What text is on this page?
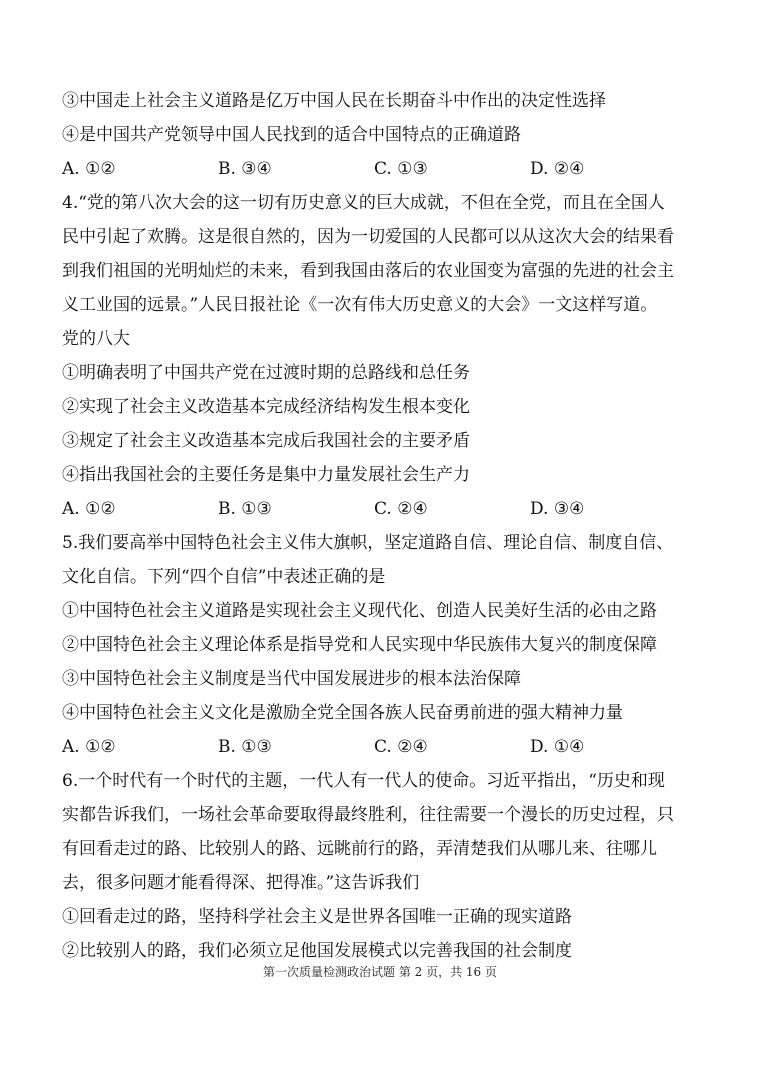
③中国走上社会主义道路是亿万中国人民在长期奋斗中作出的决定性选择
④是中国共产党领导中国人民找到的适合中国特点的正确道路
A. ①②	B. ③④	C. ①③	D. ②④
4.“党的第八次大会的这一切有历史意义的巨大成就，不但在全党，而且在全国人
民中引起了欢腾。这是很自然的，因为一切爱国的人民都可以从这次大会的结果看
到我们祖国的光明灿烂的未来，看到我国由落后的农业国变为富强的先进的社会主
义工业国的远景。”人民日报社论《一次有伟大历史意义的大会》一文这样写道。
党的八大
①明确表明了中国共产党在过渡时期的总路线和总任务
②实现了社会主义改造基本完成经济结构发生根本变化
③规定了社会主义改造基本完成后我国社会的主要矛盾
④指出我国社会的主要任务是集中力量发展社会生产力
A. ①②	B. ①③	C. ②④	D. ③④
5.我们要高举中国特色社会主义伟大旗帜，坚定道路自信、理论自信、制度自信、
文化自信。下列“四个自信”中表述正确的是
①中国特色社会主义道路是实现社会主义现代化、创造人民美好生活的必由之路
②中国特色社会主义理论体系是指导党和人民实现中华民族伟大复兴的制度保障
③中国特色社会主义制度是当代中国发展进步的根本法治保障
④中国特色社会主义文化是激励全党全国各族人民奋勇前进的强大精神力量
A. ①②	B. ①③	C. ②④	D. ①④
6.一个时代有一个时代的主题，一代人有一代人的使命。习近平指出，“历史和现
实都告诉我们，一场社会革命要取得最终胜利，往往需要一个漫长的历史过程，只
有回看走过的路、比较别人的路、远眺前行的路，弄清楚我们从哪儿来、往哪儿
去，很多问题才能看得深、把得准。”这告诉我们
①回看走过的路，坚持科学社会主义是世界各国唯一正确的现实道路
②比较别人的路，我们必须立足他国发展模式以完善我国的社会制度
第一次质量检测政治试题 第 2 页，共 16 页
